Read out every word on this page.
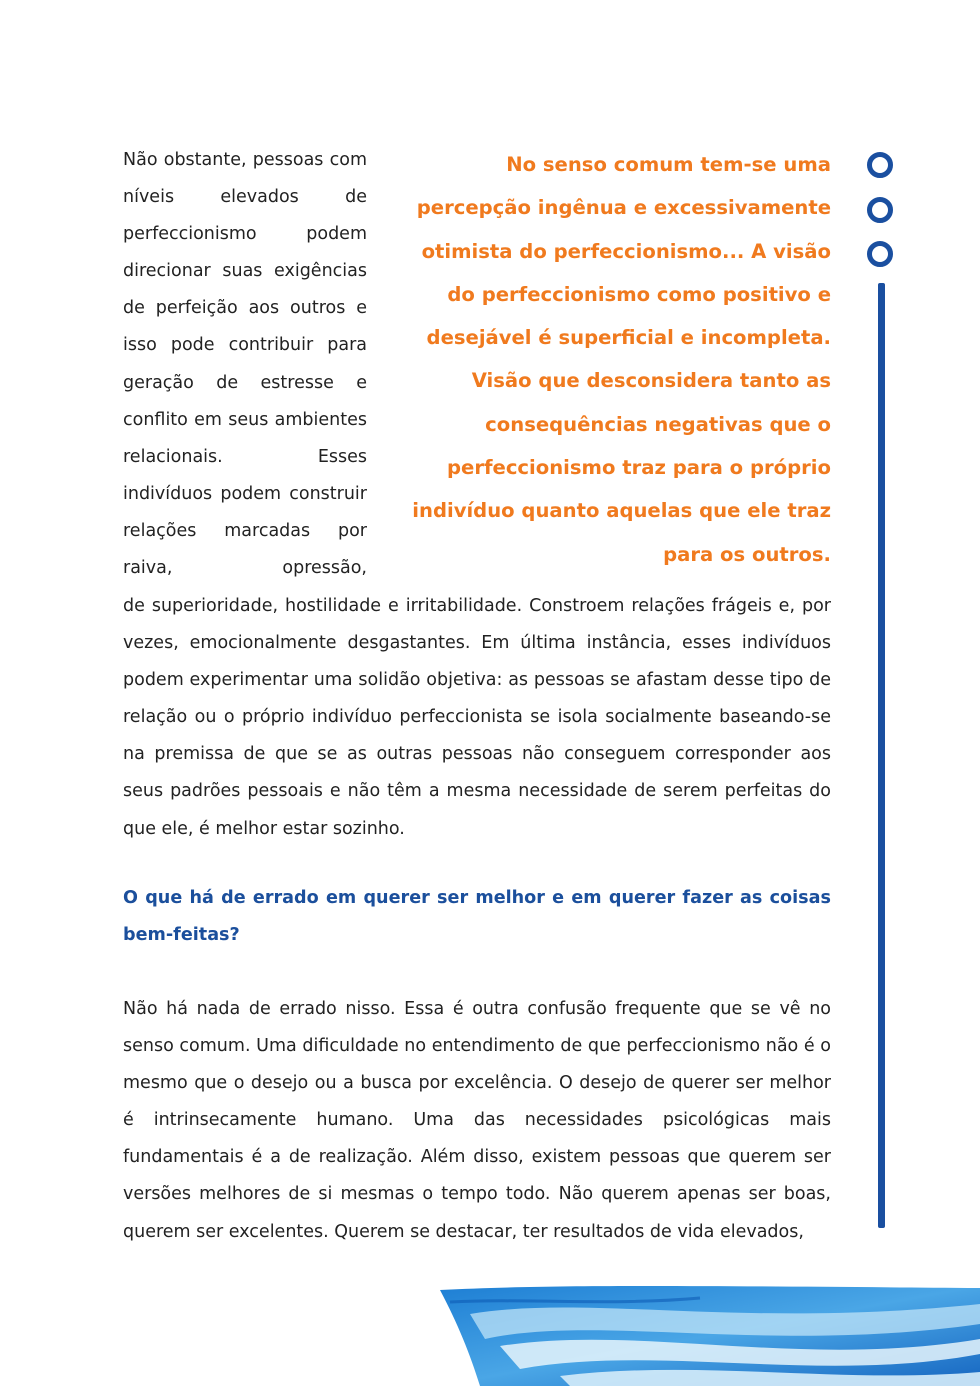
Não obstante, pessoas com níveis elevados de perfeccionismo podem direcionar suas exigências de perfeição aos outros e isso pode contribuir para geração de estresse e conflito em seus ambientes relacionais. Esses indivíduos podem construir relações marcadas por raiva, opressão,

de superioridade, hostilidade e irritabilidade. Constroem relações frágeis e, por vezes, emocionalmente desgastantes. Em última instância, esses indivíduos podem experimentar uma solidão objetiva: as pessoas se afastam desse tipo de relação ou o próprio indivíduo perfeccionista se isola socialmente baseando-se na premissa de que se as outras pessoas não conseguem corresponder aos seus padrões pessoais e não têm a mesma necessidade de serem perfeitas do que ele, é melhor estar sozinho.

No senso comum tem-se uma percepção ingênua e excessivamente otimista do perfeccionismo... A visão do perfeccionismo como positivo e desejável é superficial e incompleta. Visão que desconsidera tanto as consequências negativas que o perfeccionismo traz para o próprio indivíduo quanto aquelas que ele traz para os outros.

O que há de errado em querer ser melhor e em querer fazer as coisas bem-feitas?

Não há nada de errado nisso. Essa é outra confusão frequente que se vê no senso comum. Uma dificuldade no entendimento de que perfeccionismo não é o mesmo que o desejo ou a busca por excelência. O desejo de querer ser melhor é intrinsecamente humano. Uma das necessidades psicológicas mais fundamentais é a de realização. Além disso, existem pessoas que querem ser versões melhores de si mesmas o tempo todo. Não querem apenas ser boas, querem ser excelentes. Querem se destacar, ter resultados de vida elevados,
